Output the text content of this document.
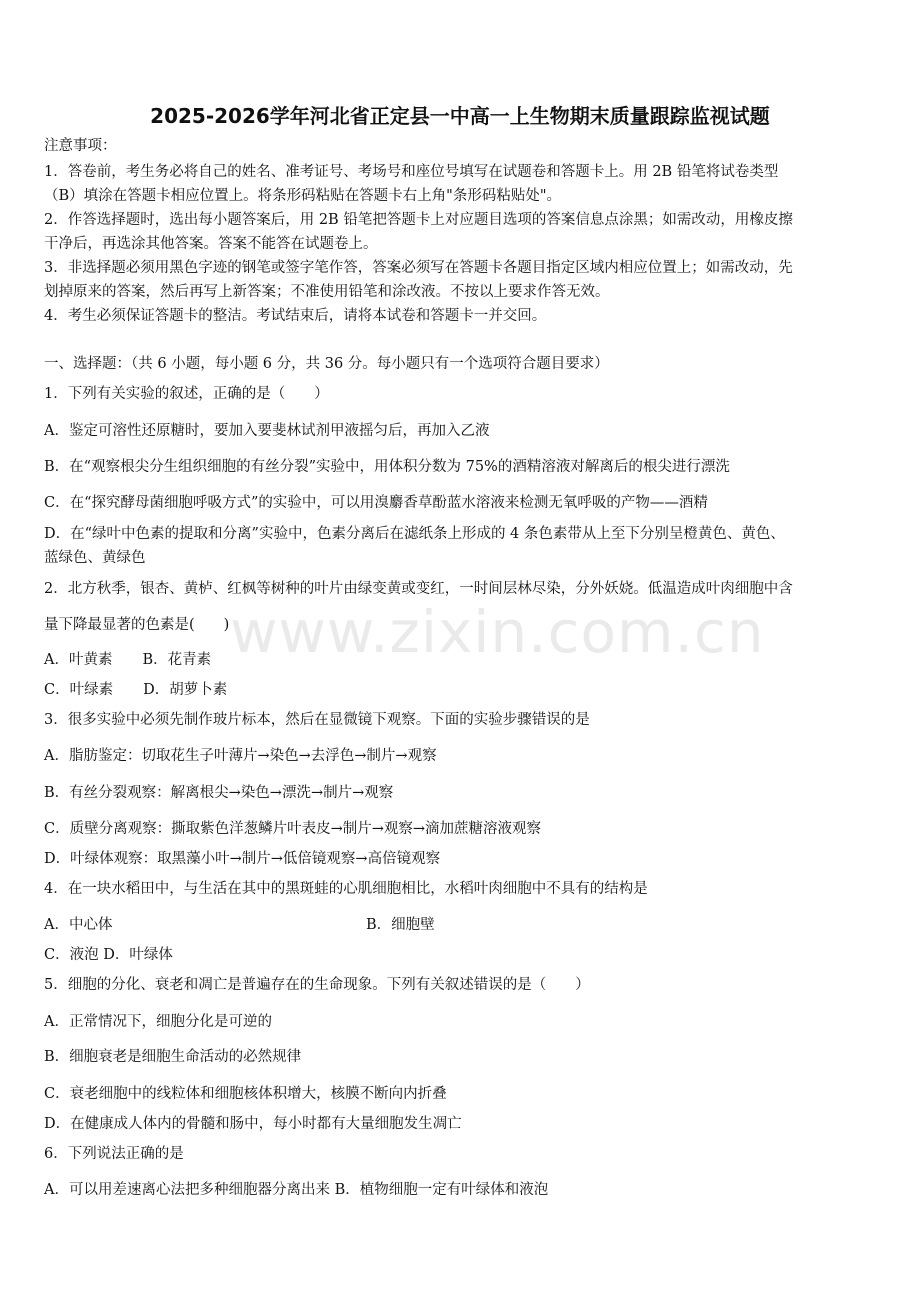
www.zixin.com.cn
2025-2026学年河北省正定县一中高一上生物期末质量跟踪监视试题
注意事项：
1．答卷前，考生务必将自己的姓名、准考证号、考场号和座位号填写在试题卷和答题卡上。用 2B 铅笔将试卷类型
（B）填涂在答题卡相应位置上。将条形码粘贴在答题卡右上角"条形码粘贴处"。
2．作答选择题时，选出每小题答案后，用 2B 铅笔把答题卡上对应题目选项的答案信息点涂黑；如需改动，用橡皮擦
干净后，再选涂其他答案。答案不能答在试题卷上。
3．非选择题必须用黑色字迹的钢笔或签字笔作答，答案必须写在答题卡各题目指定区域内相应位置上；如需改动，先
划掉原来的答案，然后再写上新答案；不准使用铅笔和涂改液。不按以上要求作答无效。
4．考生必须保证答题卡的整洁。考试结束后，请将本试卷和答题卡一并交回。
一、选择题：（共 6 小题，每小题 6 分，共 36 分。每小题只有一个选项符合题目要求）
1．下列有关实验的叙述，正确的是（　　）
A．鉴定可溶性还原糖时，要加入要斐林试剂甲液摇匀后，再加入乙液
B．在“观察根尖分生组织细胞的有丝分裂”实验中，用体积分数为 75%的酒精溶液对解离后的根尖进行漂洗
C．在“探究酵母菌细胞呼吸方式”的实验中，可以用溴麝香草酚蓝水溶液来检测无氧呼吸的产物——酒精
D．在“绿叶中色素的提取和分离”实验中，色素分离后在滤纸条上形成的 4 条色素带从上至下分别呈橙黄色、黄色、
蓝绿色、黄绿色
2．北方秋季，银杏、黄栌、红枫等树种的叶片由绿变黄或变红，一时间层林尽染，分外妖娆。低温造成叶肉细胞中含
量下降最显著的色素是(　　)
A．叶黄素 B．花青素
C．叶绿素 D．胡萝卜素
3．很多实验中必须先制作玻片标本，然后在显微镜下观察。下面的实验步骤错误的是
A．脂肪鉴定：切取花生子叶薄片→染色→去浮色→制片→观察
B．有丝分裂观察：解离根尖→染色→漂洗→制片→观察
C．质壁分离观察：撕取紫色洋葱鳞片叶表皮→制片→观察→滴加蔗糖溶液观察
D．叶绿体观察：取黑藻小叶→制片→低倍镜观察→高倍镜观察
4．在一块水稻田中，与生活在其中的黑斑蛙的心肌细胞相比，水稻叶肉细胞中不具有的结构是
A．中心体	B．细胞壁
C．液泡 D．叶绿体
5．细胞的分化、衰老和凋亡是普遍存在的生命现象。下列有关叙述错误的是（　　）
A．正常情况下，细胞分化是可逆的
B．细胞衰老是细胞生命活动的必然规律
C．衰老细胞中的线粒体和细胞核体积增大，核膜不断向内折叠
D．在健康成人体内的骨髓和肠中，每小时都有大量细胞发生凋亡
6．下列说法正确的是
A．可以用差速离心法把多种细胞器分离出来 B．植物细胞一定有叶绿体和液泡
